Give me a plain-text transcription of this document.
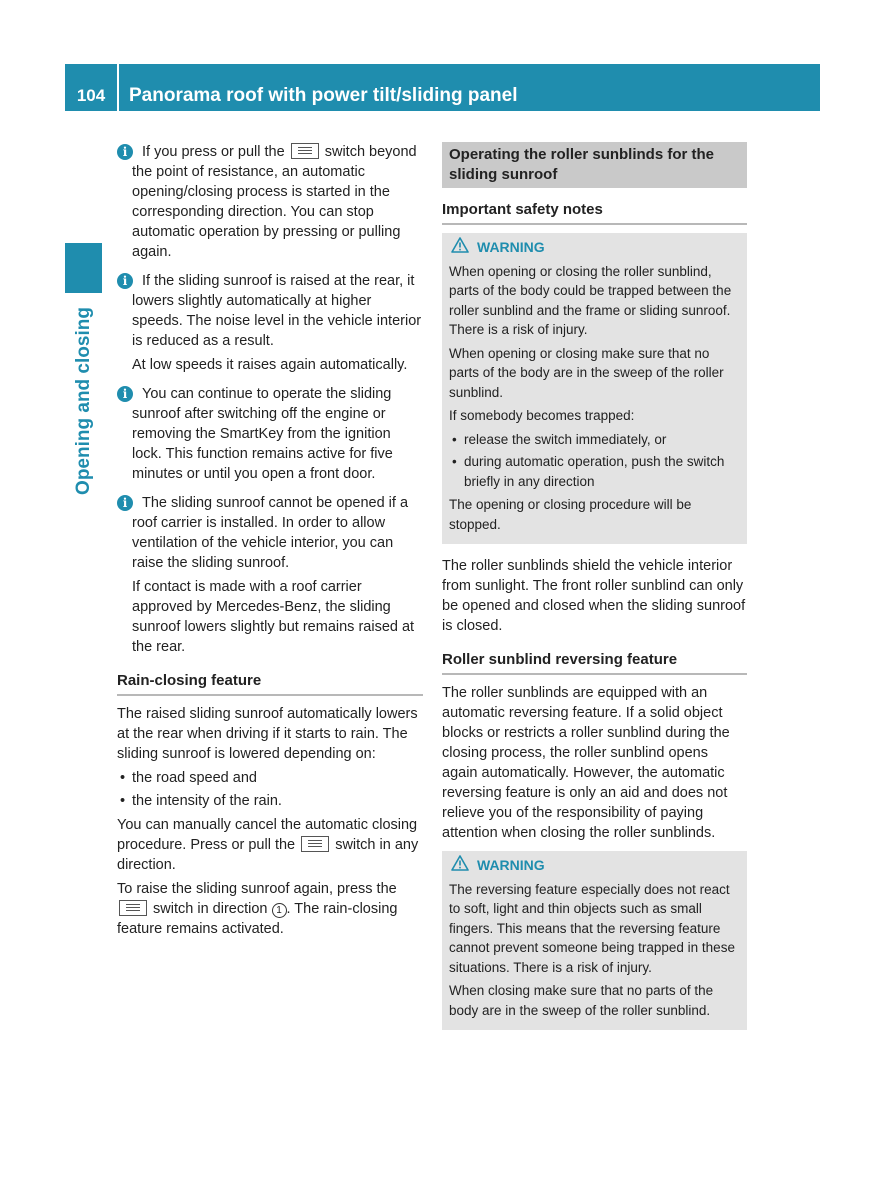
104	Panorama roof with power tilt/sliding panel
Opening and closing
i	If you press or pull the	switch beyond the point of resistance, an automatic opening/closing process is started in the corresponding direction. You can stop automatic operation by pressing or pulling again.

i	If the sliding sunroof is raised at the rear, it lowers slightly automatically at higher speeds. The noise level in the vehicle interior is reduced as a result.

At low speeds it raises again automatically.

i	You can continue to operate the sliding sunroof after switching off the engine or removing the SmartKey from the ignition lock. This function remains active for five minutes or until you open a front door.

i	The sliding sunroof cannot be opened if a roof carrier is installed. In order to allow ventilation of the vehicle interior, you can raise the sliding sunroof.

If contact is made with a roof carrier approved by Mercedes-Benz, the sliding sunroof lowers slightly but remains raised at the rear.

Rain-closing feature

The raised sliding sunroof automatically lowers at the rear when driving if it starts to rain. The sliding sunroof is lowered depending on:

• the road speed and
• the intensity of the rain.

You can manually cancel the automatic closing procedure. Press or pull the	switch in any direction.

To raise the sliding sunroof again, press the
switch in direction 1 . The rain-closing feature remains activated.

Operating the roller sunblinds for the sliding sunroof
Important safety notes
WARNING

When opening or closing the roller sunblind, parts of the body could be trapped between the roller sunblind and the frame or sliding sunroof. There is a risk of injury.

When opening or closing make sure that no parts of the body are in the sweep of the roller sunblind.

If somebody becomes trapped:

• release the switch immediately, or
• during automatic operation, push the switch briefly in any direction

The opening or closing procedure will be stopped.

The roller sunblinds shield the vehicle interior from sunlight. The front roller sunblind can only be opened and closed when the sliding sunroof is closed.

Roller sunblind reversing feature

The roller sunblinds are equipped with an automatic reversing feature. If a solid object blocks or restricts a roller sunblind during the closing process, the roller sunblind opens again automatically. However, the automatic reversing feature is only an aid and does not relieve you of the responsibility of paying attention when closing the roller sunblinds.

WARNING

The reversing feature especially does not react to soft, light and thin objects such as small fingers. This means that the reversing feature cannot prevent someone being trapped in these situations. There is a risk of injury.

When closing make sure that no parts of the body are in the sweep of the roller sunblind.
